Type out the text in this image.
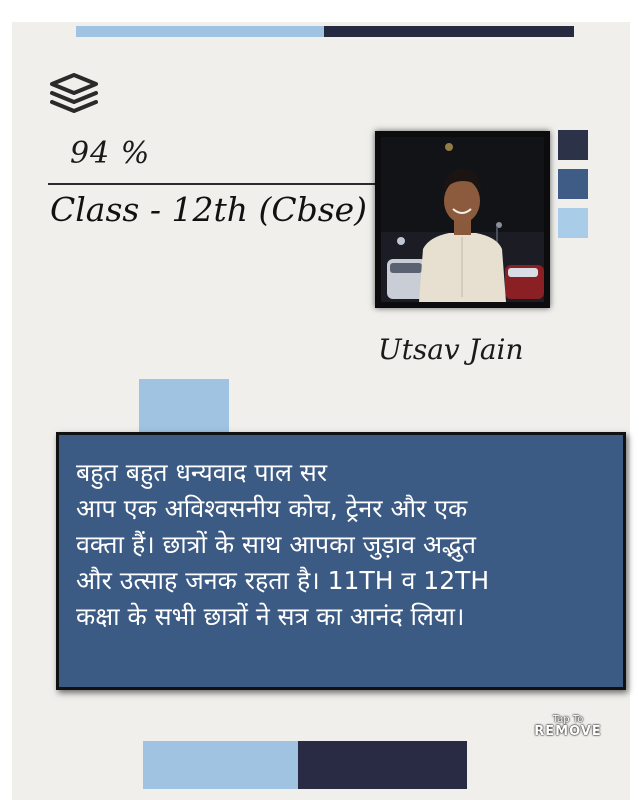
94 %
Class - 12th (Cbse)
Utsav Jain

बहुत बहुत धन्यवाद पाल सर
आप एक अविश्वसनीय कोच, ट्रेनर और एक
वक्ता हैं। छात्रों के साथ आपका जुड़ाव अद्भुत
और उत्साह जनक रहता है। 11TH व 12TH
कक्षा के सभी छात्रों ने सत्र का आनंद लिया।

Tap To
REMOVE
